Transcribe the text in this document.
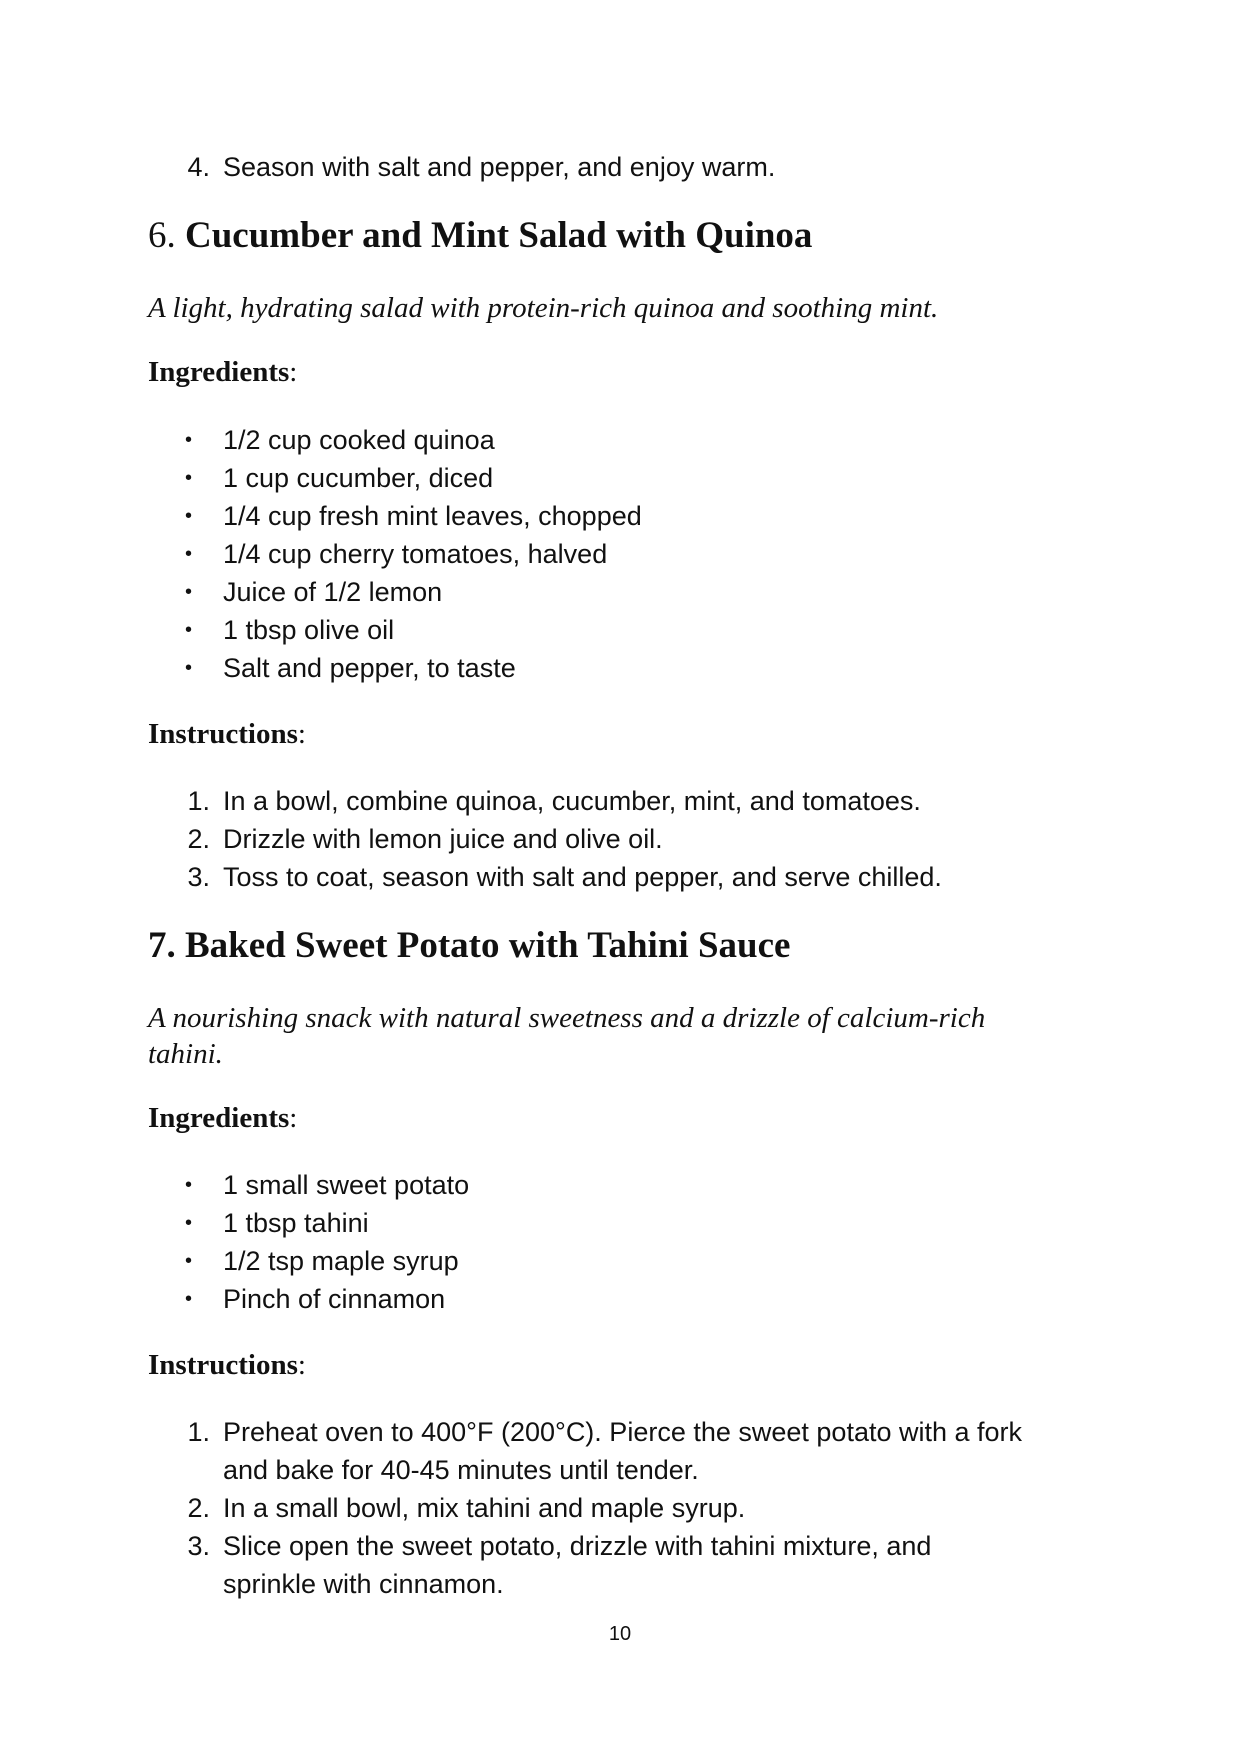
4. Season with salt and pepper, and enjoy warm.
6. Cucumber and Mint Salad with Quinoa
A light, hydrating salad with protein-rich quinoa and soothing mint.
Ingredients:
• 1/2 cup cooked quinoa
• 1 cup cucumber, diced
• 1/4 cup fresh mint leaves, chopped
• 1/4 cup cherry tomatoes, halved
• Juice of 1/2 lemon
• 1 tbsp olive oil
• Salt and pepper, to taste
Instructions:
1. In a bowl, combine quinoa, cucumber, mint, and tomatoes.
2. Drizzle with lemon juice and olive oil.
3. Toss to coat, season with salt and pepper, and serve chilled.
7. Baked Sweet Potato with Tahini Sauce
A nourishing snack with natural sweetness and a drizzle of calcium-rich
tahini.
Ingredients:
• 1 small sweet potato
• 1 tbsp tahini
• 1/2 tsp maple syrup
• Pinch of cinnamon
Instructions:
1. Preheat oven to 400°F (200°C). Pierce the sweet potato with a fork
and bake for 40-45 minutes until tender.
2. In a small bowl, mix tahini and maple syrup.
3. Slice open the sweet potato, drizzle with tahini mixture, and
sprinkle with cinnamon.
10
